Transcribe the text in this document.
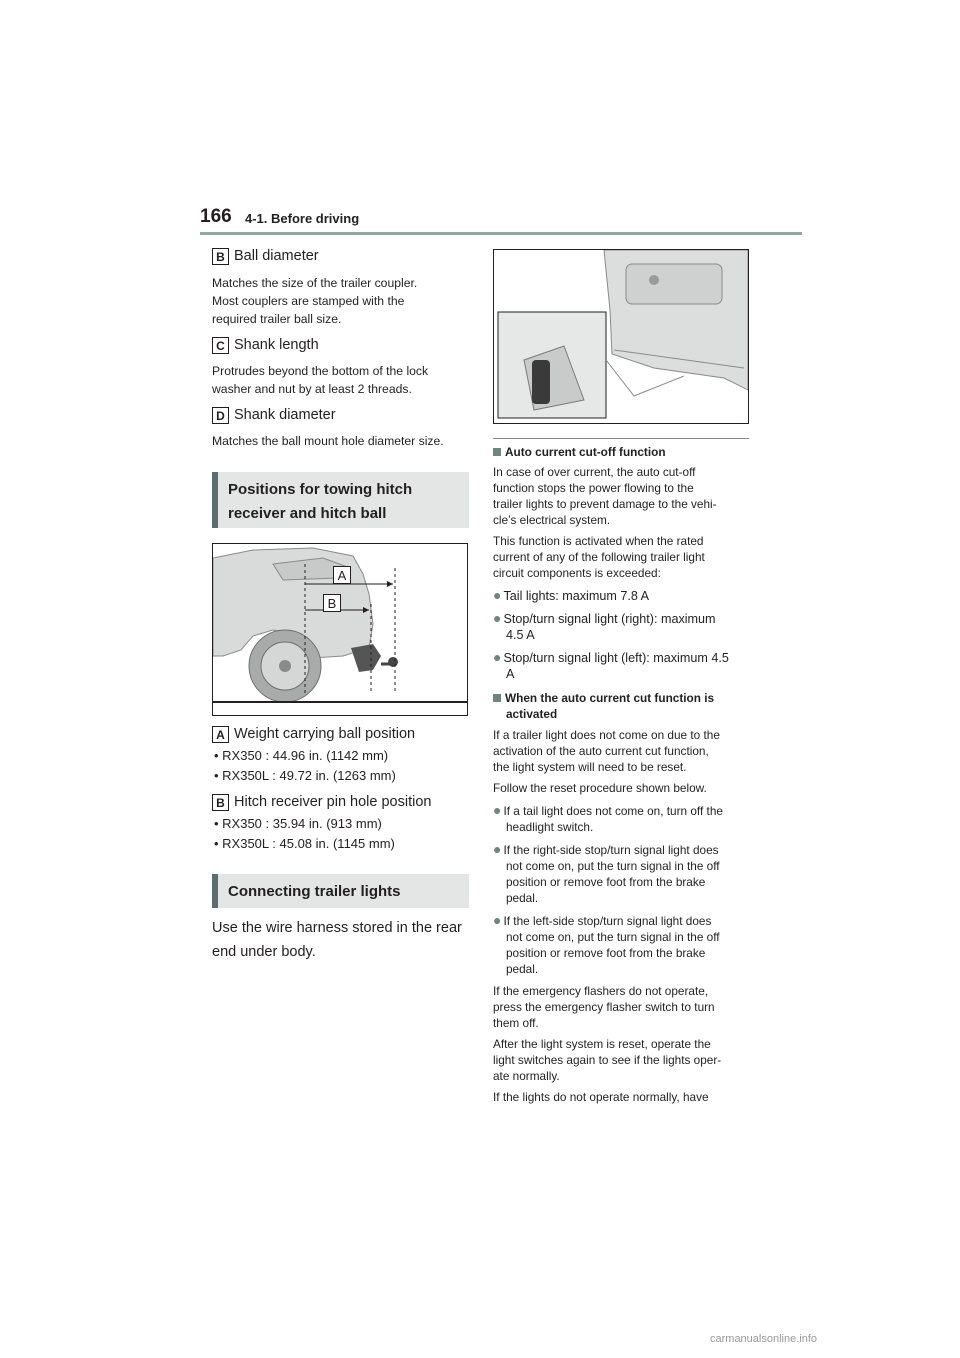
166 4-1. Before driving
B Ball diameter
Matches the size of the trailer coupler.
Most couplers are stamped with the
required trailer ball size.
C Shank length
Protrudes beyond the bottom of the lock
washer and nut by at least 2 threads.
D Shank diameter
Matches the ball mount hole diameter size.
Positions for towing hitch
receiver and hitch ball
A
B
A Weight carrying ball position
• RX350 : 44.96 in. (1142 mm)
• RX350L : 49.72 in. (1263 mm)
B Hitch receiver pin hole position
• RX350 : 35.94 in. (913 mm)
• RX350L : 45.08 in. (1145 mm)
Connecting trailer lights
Use the wire harness stored in the rear
end under body.
Auto current cut-off function
In case of over current, the auto cut-off
function stops the power flowing to the
trailer lights to prevent damage to the vehi-
cle’s electrical system.
This function is activated when the rated
current of any of the following trailer light
circuit components is exceeded:
● Tail lights: maximum 7.8 A
● Stop/turn signal light (right): maximum
4.5 A
● Stop/turn signal light (left): maximum 4.5
A
When the auto current cut function is
activated
If a trailer light does not come on due to the
activation of the auto current cut function,
the light system will need to be reset.
Follow the reset procedure shown below.
● If a tail light does not come on, turn off the
headlight switch.
● If the right-side stop/turn signal light does
not come on, put the turn signal in the off
position or remove foot from the brake
pedal.
● If the left-side stop/turn signal light does
not come on, put the turn signal in the off
position or remove foot from the brake
pedal.
If the emergency flashers do not operate,
press the emergency flasher switch to turn
them off.
After the light system is reset, operate the
light switches again to see if the lights oper-
ate normally.
If the lights do not operate normally, have
carmanualsonline.info
